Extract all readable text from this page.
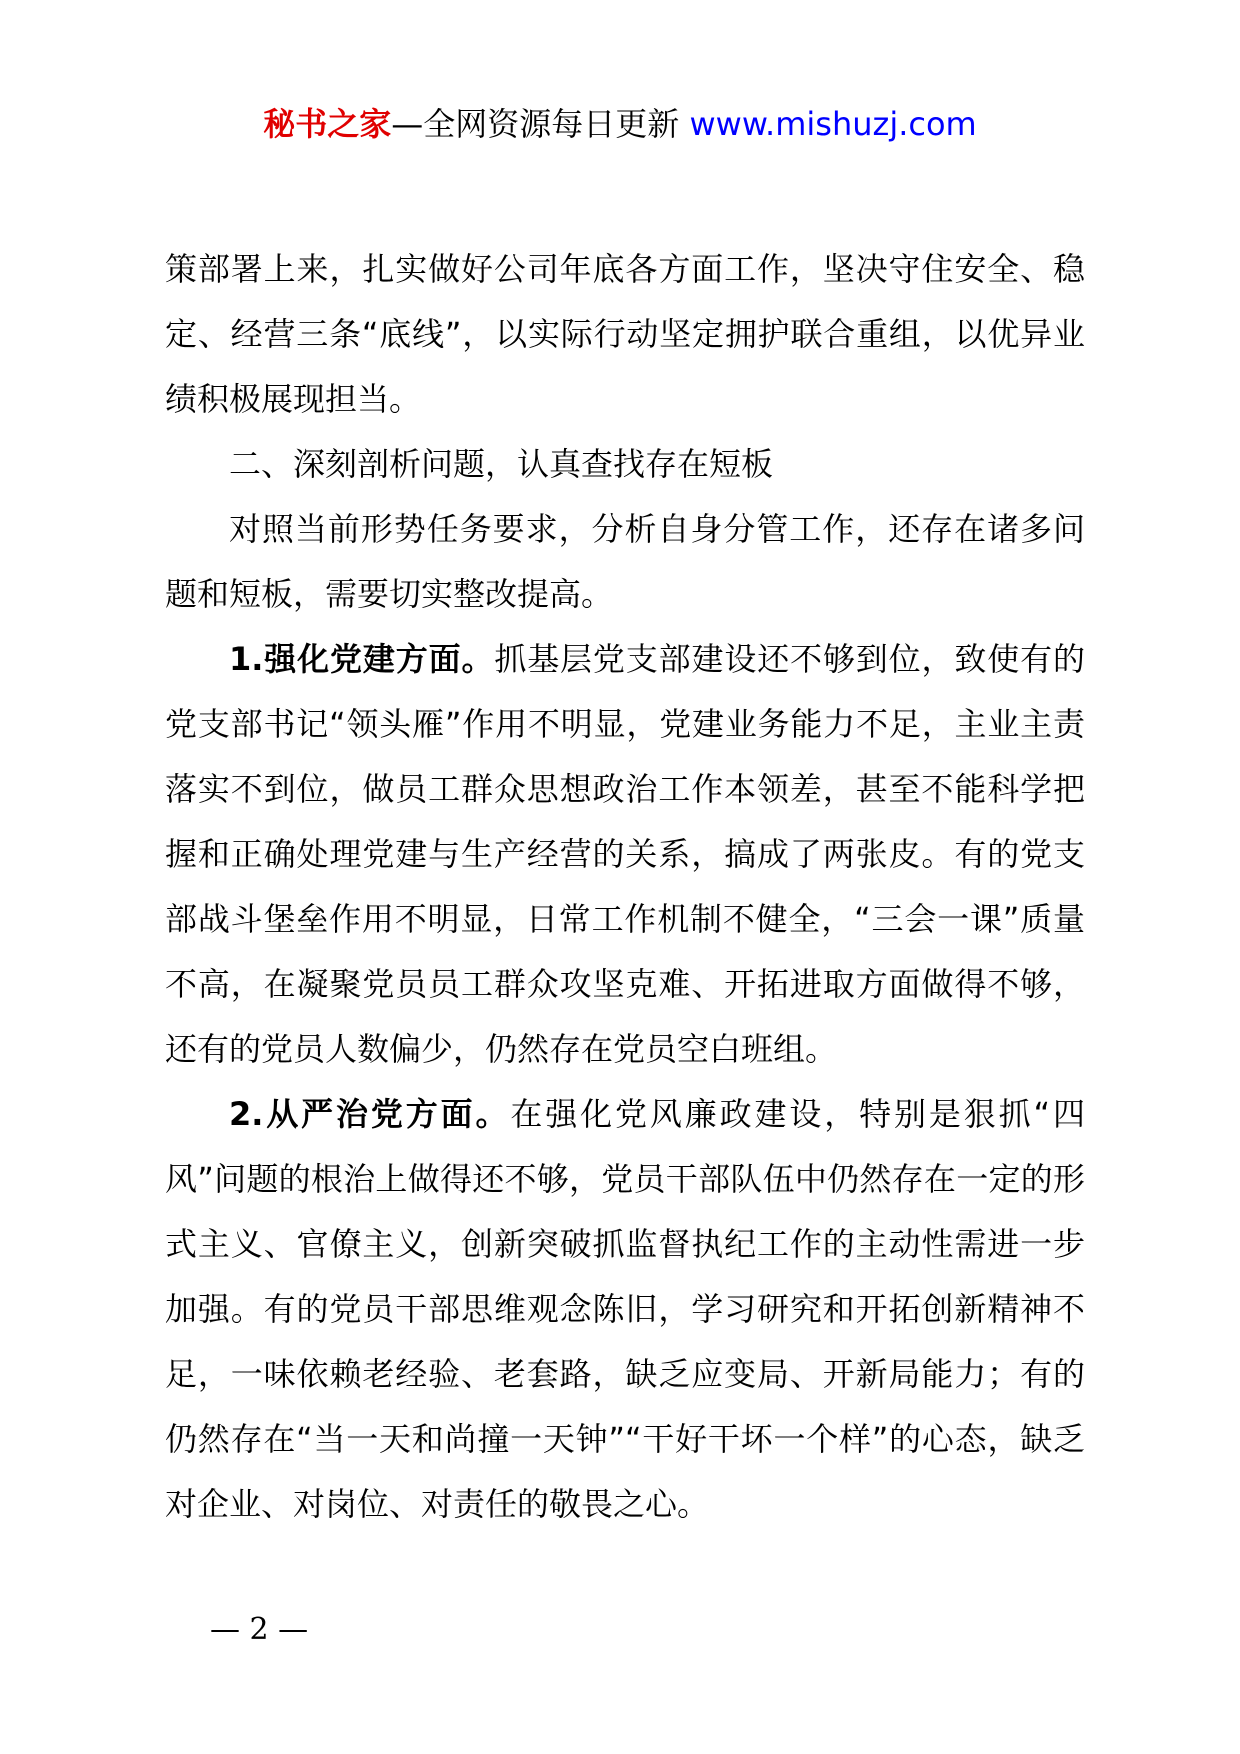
秘书之家—全网资源每日更新 www.mishuzj.com

策部署上来，扎实做好公司年底各方面工作，坚决守住安全、稳定、经营三条“底线”，以实际行动坚定拥护联合重组，以优异业绩积极展现担当。

二、深刻剖析问题，认真查找存在短板

对照当前形势任务要求，分析自身分管工作，还存在诸多问题和短板，需要切实整改提高。

1.强化党建方面。抓基层党支部建设还不够到位，致使有的党支部书记“领头雁”作用不明显，党建业务能力不足，主业主责落实不到位，做员工群众思想政治工作本领差，甚至不能科学把握和正确处理党建与生产经营的关系，搞成了两张皮。有的党支部战斗堡垒作用不明显，日常工作机制不健全，“三会一课”质量不高，在凝聚党员员工群众攻坚克难、开拓进取方面做得不够，还有的党员人数偏少，仍然存在党员空白班组。

2.从严治党方面。在强化党风廉政建设，特别是狠抓“四风”问题的根治上做得还不够，党员干部队伍中仍然存在一定的形式主义、官僚主义，创新突破抓监督执纪工作的主动性需进一步加强。有的党员干部思维观念陈旧，学习研究和开拓创新精神不足，一味依赖老经验、老套路，缺乏应变局、开新局能力；有的仍然存在“当一天和尚撞一天钟”“干好干坏一个样”的心态，缺乏对企业、对岗位、对责任的敬畏之心。

— 2 —
